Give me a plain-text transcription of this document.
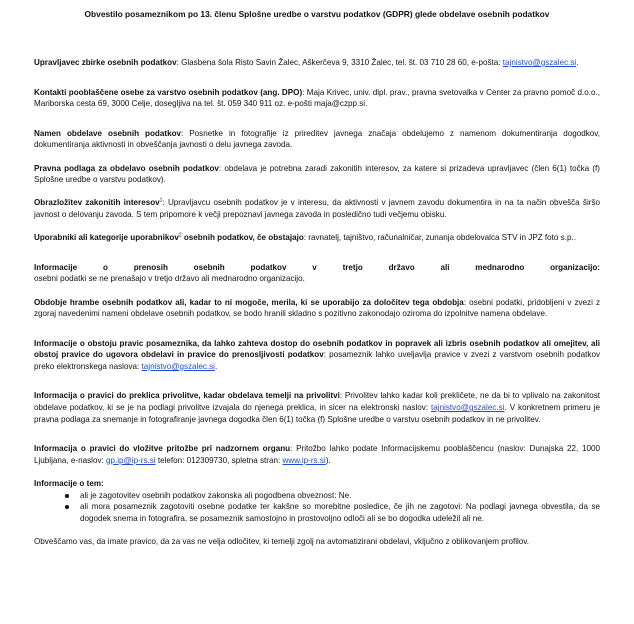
Obvestilo posameznikom po 13. členu Splošne uredbe o varstvu podatkov (GDPR) glede obdelave osebnih podatkov

Upravljavec zbirke osebnih podatkov: Glasbena šola Risto Savin Žalec, Aškerčeva 9, 3310 Žalec, tel. št. 03 710 28 60, e-pošta: tajnistvo@gszalec.si.

Kontakti pooblaščene osebe za varstvo osebnih podatkov (ang. DPO): Maja Krivec, univ. dipl. prav., pravna svetovalka v Center za pravno pomoč d.o.o., Mariborska cesta 69, 3000 Celje, dosegljiva na tel. št. 059 340 911 oz. e-pošti maja@czpp.si.

Namen obdelave osebnih podatkov: Posnetke in fotografije iz prireditev javnega značaja obdelujemo z namenom dokumentiranja dogodkov, dokumentiranja aktivnosti in obveščanja javnosti o delu javnega zavoda.

Pravna podlaga za obdelavo osebnih podatkov: obdelava je potrebna zaradi zakonitih interesov, za katere si prizadeva upravljavec (člen 6(1) točka (f) Splošne uredbe o varstvu podatkov).

Obrazložitev zakonitih interesov$^1$: Upravljavcu osebnih podatkov je v interesu, da aktivnosti v javnem zavodu dokumentira in na ta način obvešča širšo javnost o delovanju zavoda. S tem pripomore k večji prepoznavi javnega zavoda in posledično tudi večjemu obisku.

Uporabniki ali kategorije uporabnikov$^2$ osebnih podatkov, če obstajajo: ravnatelj, tajništvo, računalničar, zunanja obdelovalca STV in JPZ foto s.p..

Informacije o prenosih osebnih podatkov v tretjo državo ali mednarodno organizacijo:

osebni podatki se ne prenašajo v tretjo državo ali mednarodno organizacijo.

Obdobje hrambe osebnih podatkov ali, kadar to ni mogoče, merila, ki se uporabijo za določitev tega obdobja: osebni podatki, pridobljeni v zvezi z zgoraj navedenimi nameni obdelave osebnih podatkov, se bodo hranili skladno s pozitivno zakonodajo oziroma do izpolnitve namena obdelave.

Informacije o obstoju pravic posameznika, da lahko zahteva dostop do osebnih podatkov in popravek ali izbris osebnih podatkov ali omejitev, ali obstoj pravice do ugovora obdelavi in pravice do prenosljivosti podatkov: posameznik lahko uveljavlja pravice v zvezi z varstvom osebnih podatkov preko elektronskega naslova: tajnistvo@gszalec.si.

Informacija o pravici do preklica privolitve, kadar obdelava temelji na privolitvi: Privolitev lahko kadar koli prekličete, ne da bi to vplivalo na zakonitost obdelave podatkov, ki se je na podlagi privolitve izvajala do njenega preklica, in sicer na elektronski naslov: tajnistvo@gszalec.si. V konkretnem primeru je pravna podlaga za snemanje in fotografiranje javnega dogodka člen 6(1) točka (f) Splošne uredbe o varstvu osebnih podatkov in ne privolitev.

Informacija o pravici do vložitve pritožbe pri nadzornem organu: Pritožbo lahko podate Informacijskemu pooblaščencu (naslov: Dunajska 22, 1000 Ljubljana, e-naslov: gp.ip@ip-rs.si telefon: 012309730, spletna stran: www.ip-rs.si).

Informacije o tem:

ali je zagotovitev osebnih podatkov zakonska ali pogodbena obveznost: Ne.
ali mora posameznik zagotoviti osebne podatke ter kakšne so morebitne posledice, če jih ne zagotovi: Na podlagi javnega obvestila, da se dogodek snema in fotografira, se posameznik samostojno in prostovoljno odloči ali se bo dogodka udeležil ali ne.

Obveščamo vas, da imate pravico, da za vas ne velja odločitev, ki temelji zgolj na avtomatizirani obdelavi, vključno z oblikovanjem profilov.
